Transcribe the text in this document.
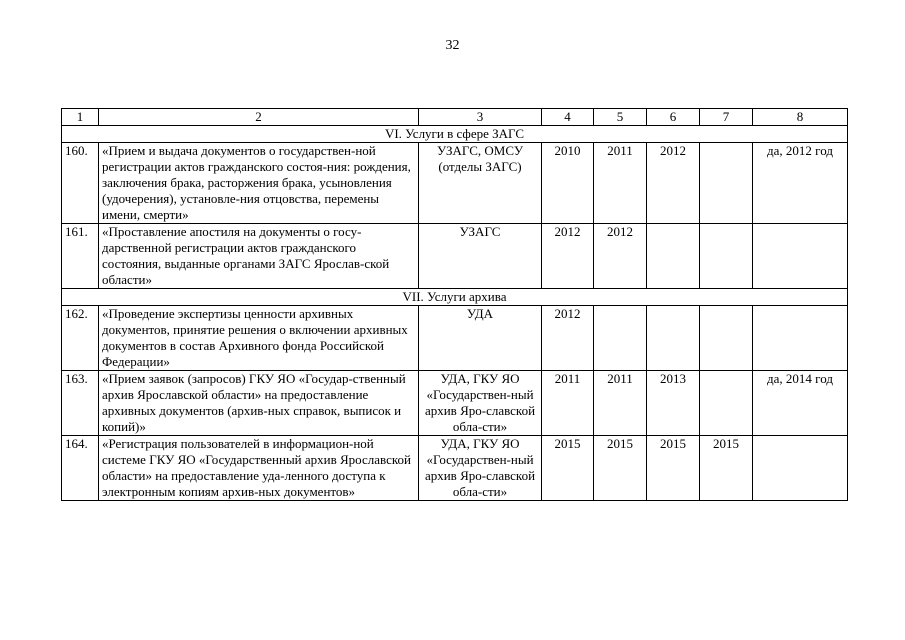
32
1	2	3	4	5	6	7	8
VI. Услуги в сфере ЗАГС							
160.	«Прием и выдача документов о государствен-ной регистрации актов гражданского состоя-ния: рождения, заключения брака, расторжения брака, усыновления (удочерения), установле-ния отцовства, перемены имени, смерти»	УЗАГС, ОМСУ (отделы ЗАГС)	2010	2011	2012		да, 2012 год
161.	«Проставление апостиля на документы о госу-дарственной регистрации актов гражданского состояния, выданные органами ЗАГС Ярослав-ской области»	УЗАГС	2012	2012			
VII. Услуги архива							
162.	«Проведение экспертизы ценности архивных документов, принятие решения о включении архивных документов в состав Архивного фонда Российской Федерации»	УДА	2012				
163.	«Прием заявок (запросов) ГКУ ЯО «Государ-ственный архив Ярославской области» на предоставление архивных документов (архив-ных справок, выписок и копий)»	УДА, ГКУ ЯО «Государствен-ный архив Яро-славской обла-сти»	2011	2011	2013		да, 2014 год
164.	«Регистрация пользователей в информацион-ной системе ГКУ ЯО «Государственный архив Ярославской области» на предоставление уда-ленного доступа к электронным копиям архив-ных документов»	УДА, ГКУ ЯО «Государствен-ный архив Яро-славской обла-сти»	2015	2015	2015	2015	
